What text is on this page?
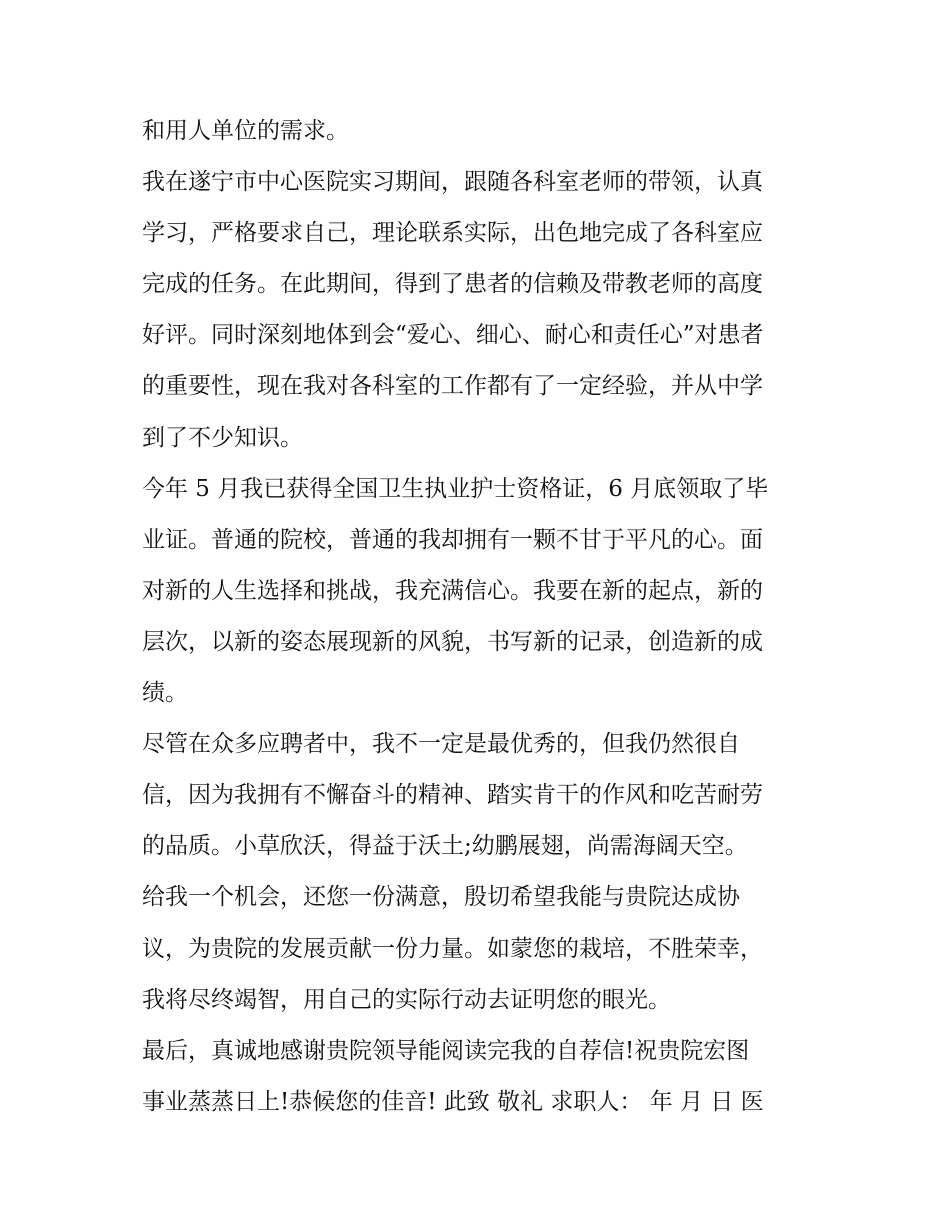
和用人单位的需求。
我在遂宁市中心医院实习期间，跟随各科室老师的带领，认真
学习，严格要求自己，理论联系实际，出色地完成了各科室应
完成的任务。在此期间，得到了患者的信赖及带教老师的高度
好评。同时深刻地体到会“爱心、细心、耐心和责任心”对患者
的重要性，现在我对各科室的工作都有了一定经验，并从中学
到了不少知识。
今年 5 月我已获得全国卫生执业护士资格证，6 月底领取了毕
业证。普通的院校，普通的我却拥有一颗不甘于平凡的心。面
对新的人生选择和挑战，我充满信心。我要在新的起点，新的
层次，以新的姿态展现新的风貌，书写新的记录，创造新的成
绩。
尽管在众多应聘者中，我不一定是最优秀的，但我仍然很自
信，因为我拥有不懈奋斗的精神、踏实肯干的作风和吃苦耐劳
的品质。小草欣沃，得益于沃土;幼鹏展翅，尚需海阔天空。
给我一个机会，还您一份满意，殷切希望我能与贵院达成协
议，为贵院的发展贡献一份力量。如蒙您的栽培，不胜荣幸，
我将尽终竭智，用自己的实际行动去证明您的眼光。
最后，真诚地感谢贵院领导能阅读完我的自荐信!祝贵院宏图
事业蒸蒸日上!恭候您的佳音! 此致 敬礼 求职人： 年 月 日 医
